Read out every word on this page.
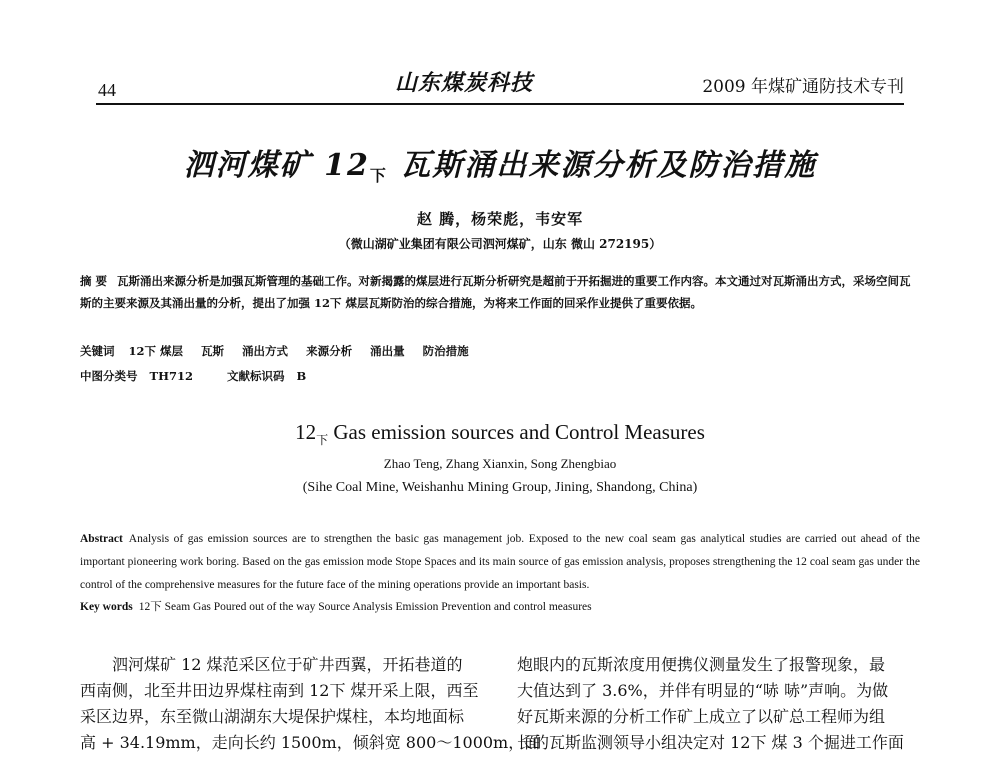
44	山东煤炭科技	2009 年煤矿通防技术专刊
泗河煤矿 $12_下$ 瓦斯涌出来源分析及防治措施
赵 腾，杨荣彪，韦安军
（微山湖矿业集团有限公司泗河煤矿，山东 微山 272195）
摘 要 瓦斯涌出来源分析是加强瓦斯管理的基础工作。对新揭露的煤层进行瓦斯分析研究是超前于开拓掘进的重要工作内容。本文通过对瓦斯涌出方式，采场空间瓦斯的主要来源及其涌出量的分析，提出了加强 12下 煤层瓦斯防治的综合措施，为将来工作面的回采作业提供了重要依据。
关键词 12下 煤层 瓦斯 涌出方式 来源分析 涌出量 防治措施
中图分类号 TH712	文献标识码 B
$12_下$ Gas emission sources and Control Measures
Zhao Teng, Zhang Xianxin, Song Zhengbiao
(Sihe Coal Mine, Weishanhu Mining Group, Jining, Shandong, China)
Abstract Analysis of gas emission sources are to strengthen the basic gas management job. Exposed to the new coal seam gas analytical studies are carried out ahead of the important pioneering work boring. Based on the gas emission mode Stope Spaces and its main source of gas emission analysis, proposes strengthening the 12 coal seam gas under the control of the comprehensive measures for the future face of the mining operations provide an important basis.
Key words 12下 Seam Gas Poured out of the way Source Analysis Emission Prevention and control measures

泗河煤矿 12 煤范采区位于矿井西翼，开拓巷道的

西南侧，北至井田边界煤柱南到 12下 煤开采上限，西至

采区边界，东至微山湖湖东大堤保护煤柱，本均地面标

高 + 34.19mm，走向长约 1500m，倾斜宽 800～1000m，面

炮眼内的瓦斯浓度用便携仪测量发生了报警现象，最

大值达到了 3.6%，并伴有明显的“哧 哧”声响。为做

好瓦斯来源的分析工作矿上成立了以矿总工程师为组

长的瓦斯监测领导小组决定对 12下 煤 3 个掘进工作面
